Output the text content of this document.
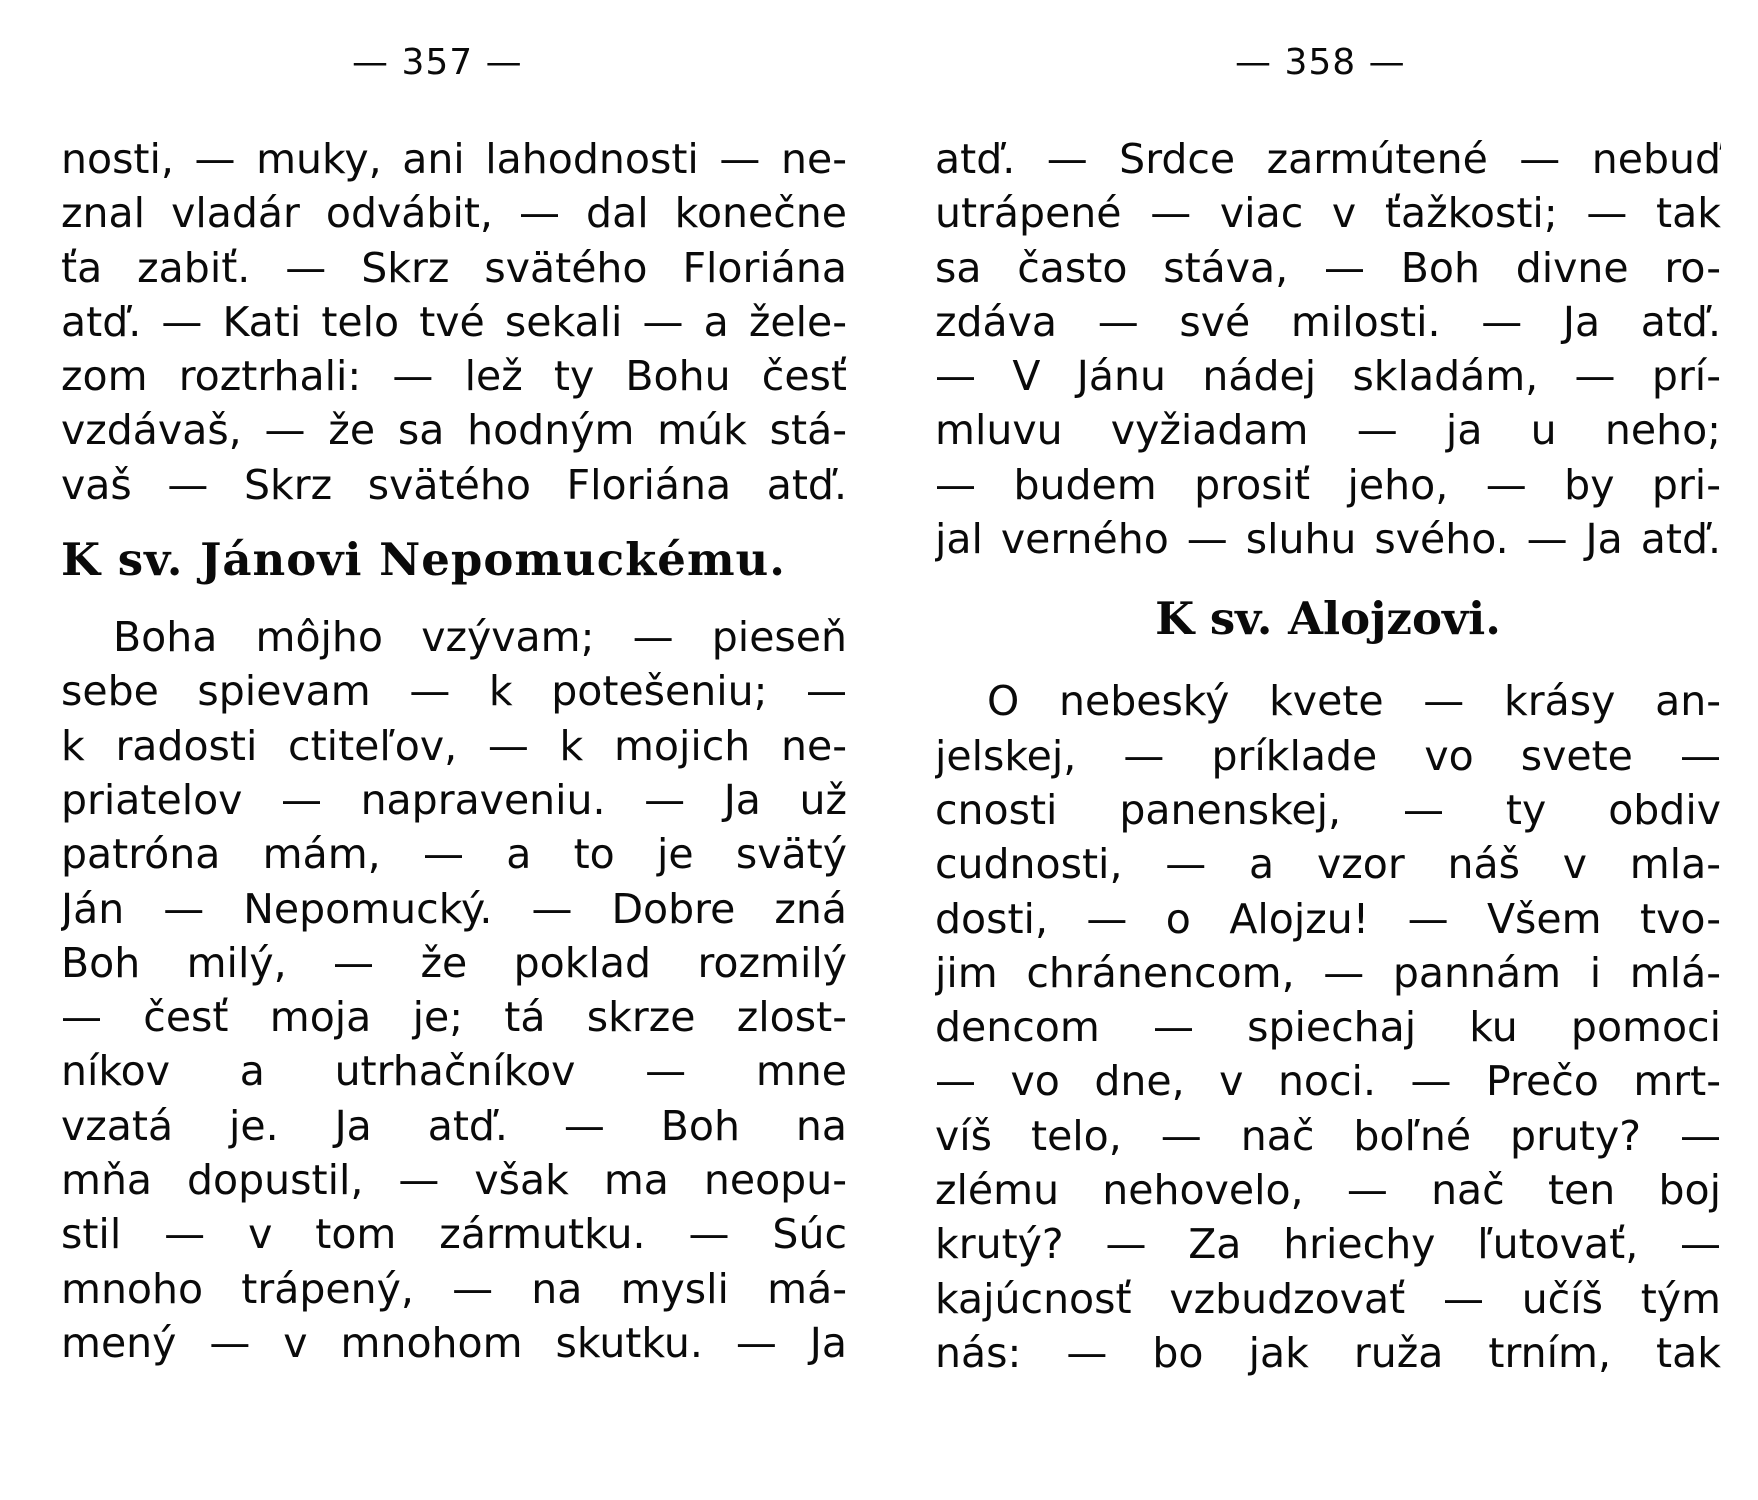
— 357 —
nosti, — muky, ani lahodnosti — ne-
znal vladár odvábit, — dal konečne
ťa zabiť. — Skrz svätého Floriána
atď. — Kati telo tvé sekali — a žele-
zom roztrhali: — lež ty Bohu česť
vzdávaš, — že sa hodným múk stá-
vaš — Skrz svätého Floriána atď.
K sv. Jánovi Nepomuckému.
Boha môjho vzývam; — pieseň
sebe spievam — k potešeniu; —
k radosti ctiteľov, — k mojich ne-
priatelov — napraveniu. — Ja už
patróna mám, — a to je svätý
Ján — Nepomucký. — Dobre zná
Boh milý, — že poklad rozmilý
— česť moja je; tá skrze zlost-
níkov a utrhačníkov — mne
vzatá je. Ja atď. — Boh na
mňa dopustil, — však ma neopu-
stil — v tom zármutku. — Súc
mnoho trápený, — na mysli má-
mený — v mnohom skutku. — Ja
— 358 —
atď. — Srdce zarmútené — nebuď
utrápené — viac v ťažkosti; — tak
sa často stáva, — Boh divne ro-
zdáva — své milosti. — Ja atď.
— V Jánu nádej skladám, — prí-
mluvu vyžiadam — ja u neho;
— budem prosiť jeho, — by pri-
jal verného — sluhu svého. — Ja atď.
K sv. Alojzovi.
O nebeský kvete — krásy an-
jelskej, — príklade vo svete —
cnosti panenskej, — ty obdiv
cudnosti, — a vzor náš v mla-
dosti, — o Alojzu! — Všem tvo-
jim chránencom, — pannám i mlá-
dencom — spiechaj ku pomoci
— vo dne, v noci. — Prečo mrt-
víš telo, — nač boľné pruty? —
zlému nehovelo, — nač ten boj
krutý? — Za hriechy ľutovať, —
kajúcnosť vzbudzovať — učíš tým
nás: — bo jak ruža trním, tak
